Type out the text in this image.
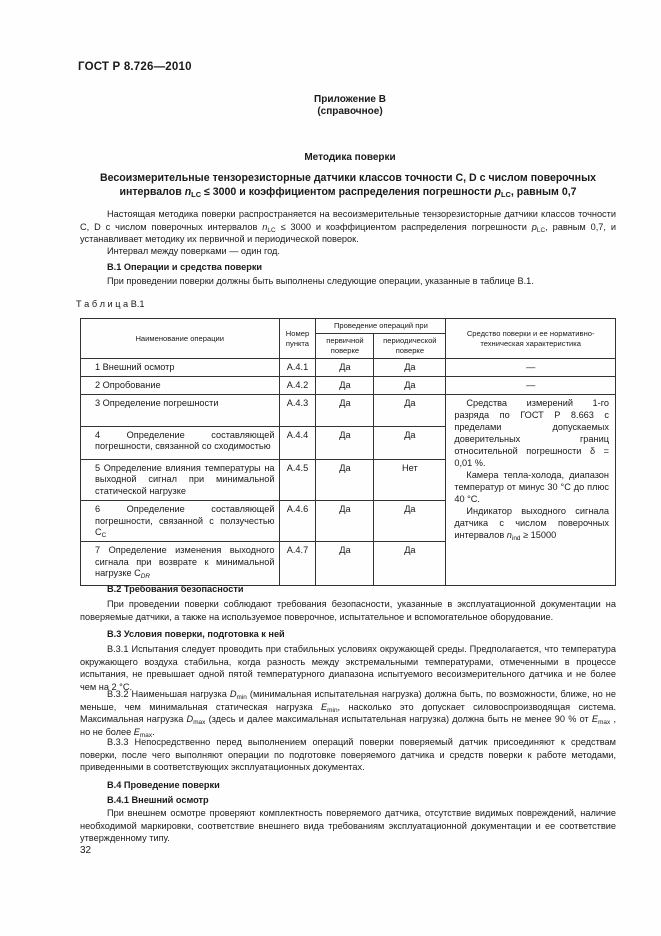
ГОСТ Р 8.726—2010
Приложение В
(справочное)
Методика поверки
Весоизмерительные тензорезисторные датчики классов точности C, D с числом поверочных
интервалов $n_{LC} \le 3000$ и коэффициентом распределения погрешности $p_{LC}$, равным 0,7
Настоящая методика поверки распространяется на весоизмерительные тензорезисторные датчики классов точности C, D с числом поверочных интервалов $n_{LC} \le 3000$ и коэффициентом распределения погрешности $p_{LC}$, равным 0,7, и устанавливает методику их первичной и периодической поверок.
Интервал между поверками — один год.
В.1 Операции и средства поверки
При проведении поверки должны быть выполнены следующие операции, указанные в таблице В.1.
Т а б л и ц а В.1
Наименование операции	Номер пункта	Проведение операций при		Средство поверки и ее нормативно-техническая характеристика
		первичной поверке	периодической поверке	
1 Внешний осмотр	А.4.1	Да	Да	—
2 Опробование	А.4.2	Да	Да	—
3 Определение погрешности	А.4.3	Да	Да	Средства измерений 1-го разряда по ГОСТ Р 8.663 с пределами допускаемых доверительных границ относительной погрешности δ = 0,01 %.
Камера тепла-холода, диапазон температур от минус 30 °С до плюс 40 °С.
Индикатор выходного сигнала датчика с числом поверочных интервалов $n_{ind} \ge 15000$

4 Определение составляющей погрешности, связанной со сходимостью	А.4.4	Да	Да	
5 Определение влияния температуры на выходной сигнал при минимальной статической нагрузке	А.4.5	Да	Нет	
6 Определение составляющей погрешности, связанной с ползучестью $C_C$	А.4.6	Да	Да	
7 Определение изменения выходного сигнала при возврате к минимальной нагрузке $C_{DR}$	А.4.7	Да	Да	
В.2 Требования безопасности
При проведении поверки соблюдают требования безопасности, указанные в эксплуатационной документации на поверяемые датчики, а также на используемое поверочное, испытательное и вспомогательное оборудование.
В.3 Условия поверки, подготовка к ней
В.3.1 Испытания следует проводить при стабильных условиях окружающей среды. Предполагается, что температура окружающего воздуха стабильна, когда разность между экстремальными температурами, отмеченными в процессе испытания, не превышает одной пятой температурного диапазона испытуемого весоизмерительного датчика и не более чем на 2 °С.
В.3.2 Наименьшая нагрузка $D_{min}$ (минимальная испытательная нагрузка) должна быть, по возможности, ближе, но не меньше, чем минимальная статическая нагрузка $E_{min}$, насколько это допускает силовоспроизводящая система. Максимальная нагрузка $D_{max}$ (здесь и далее максимальная испытательная нагрузка) должна быть не менее 90 % от $E_{max}$ , но не более $E_{max}$.
В.3.3 Непосредственно перед выполнением операций поверки поверяемый датчик присоединяют к средствам поверки, после чего выполняют операции по подготовке поверяемого датчика и средств поверки к работе методами, приведенными в соответствующих эксплуатационных документах.
В.4 Проведение поверки
В.4.1 Внешний осмотр
При внешнем осмотре проверяют комплектность поверяемого датчика, отсутствие видимых повреждений, наличие необходимой маркировки, соответствие внешнего вида требованиям эксплуатационной документации и ее соответствие утвержденному типу.
32
